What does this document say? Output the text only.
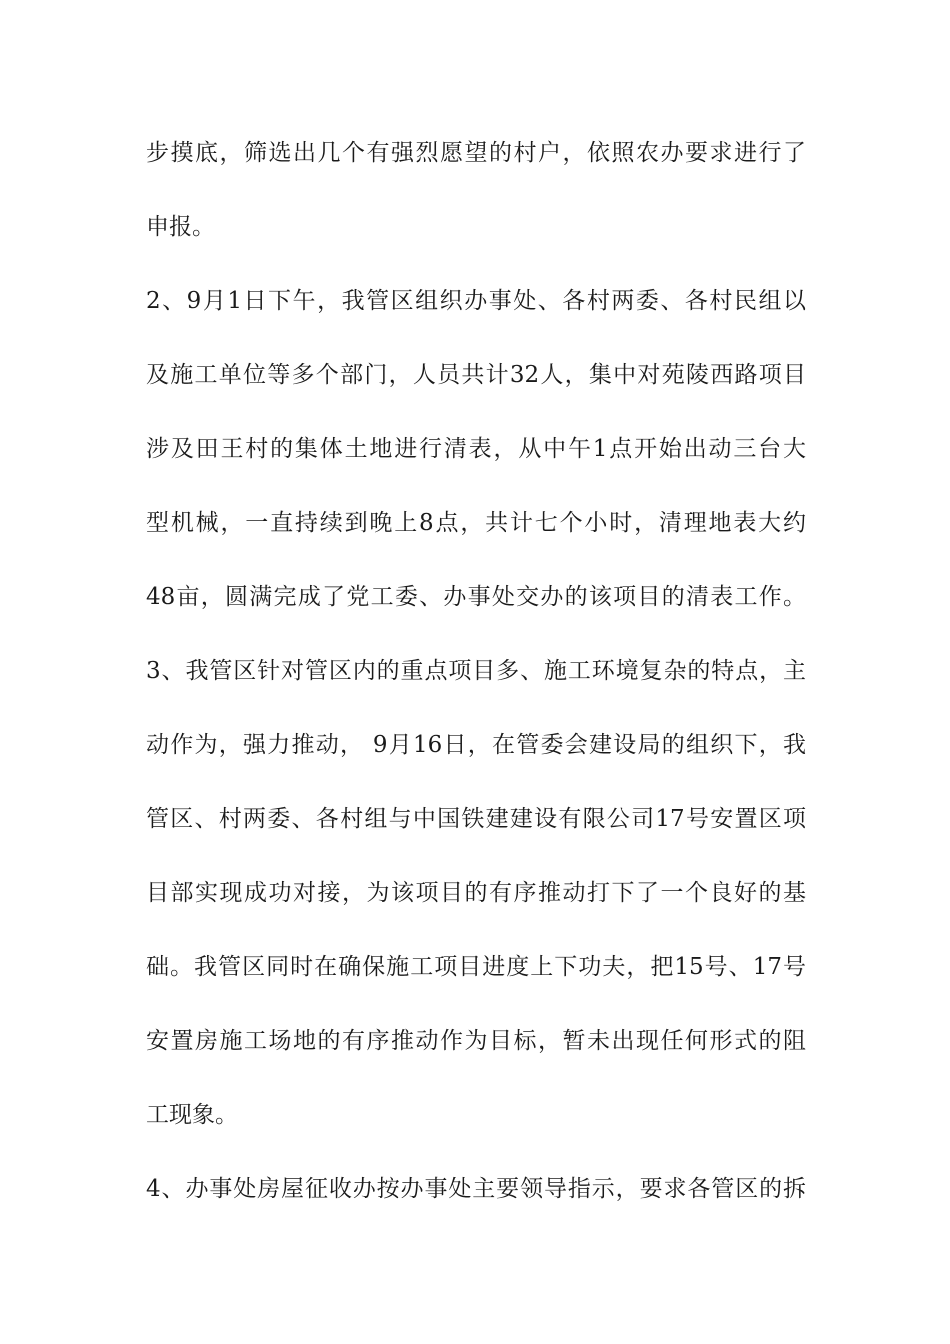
步摸底，筛选出几个有强烈愿望的村户，依照农办要求进行了
申报。
2、9月1日下午，我管区组织办事处、各村两委、各村民组以
及施工单位等多个部门，人员共计32人，集中对苑陵西路项目
涉及田王村的集体土地进行清表，从中午1点开始出动三台大
型机械，一直持续到晚上8点，共计七个小时，清理地表大约
48亩，圆满完成了党工委、办事处交办的该项目的清表工作。
3、我管区针对管区内的重点项目多、施工环境复杂的特点，主
动作为，强力推动， 9月16日，在管委会建设局的组织下，我
管区、村两委、各村组与中国铁建建设有限公司17号安置区项
目部实现成功对接，为该项目的有序推动打下了一个良好的基
础。我管区同时在确保施工项目进度上下功夫，把15号、17号
安置房施工场地的有序推动作为目标，暂未出现任何形式的阻
工现象。
4、办事处房屋征收办按办事处主要领导指示，要求各管区的拆
